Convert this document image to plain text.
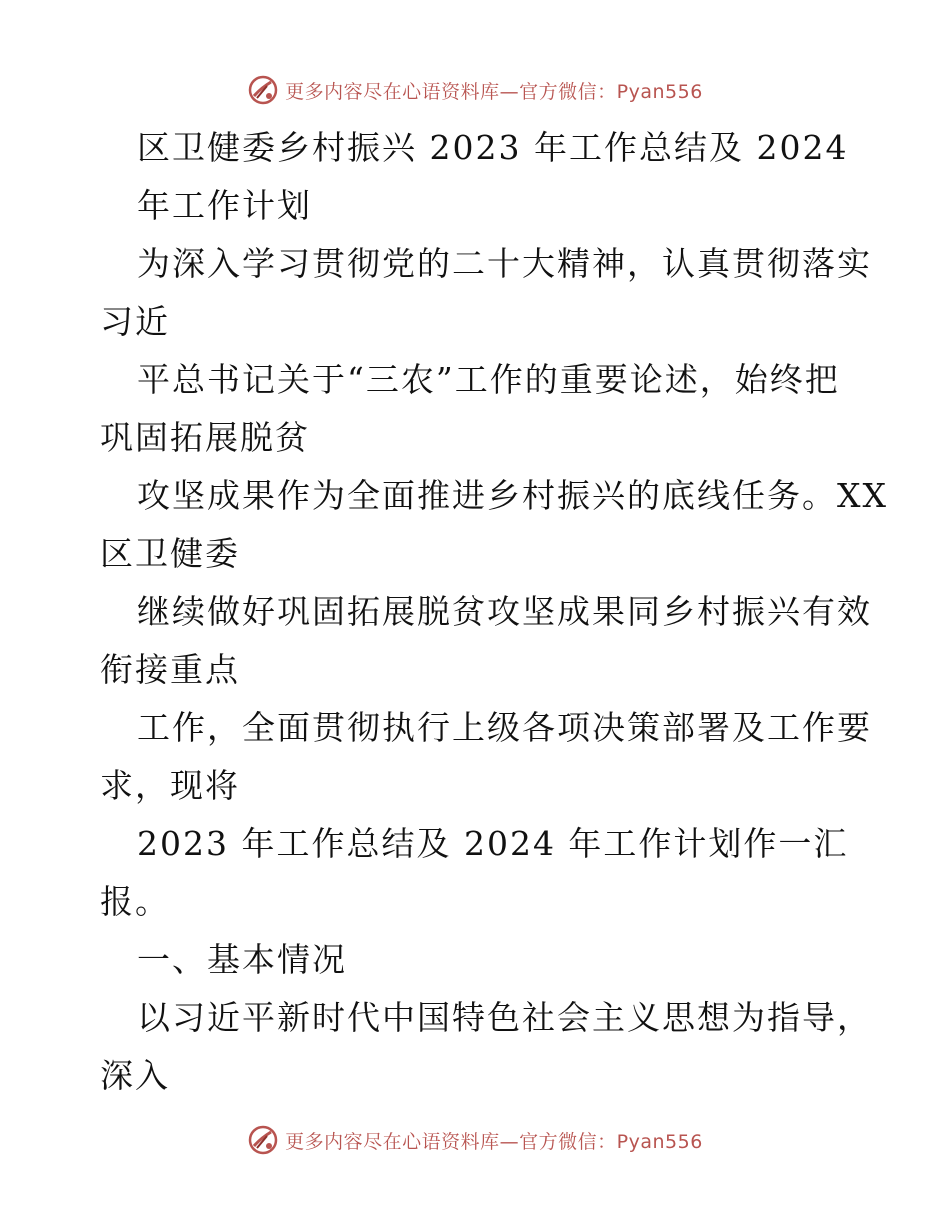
更多内容尽在心语资料库—官方微信：Pyan556
区卫健委乡村振兴 2023 年工作总结及 2024
年工作计划
为深入学习贯彻党的二十大精神，认真贯彻落实
习近
平总书记关于“三农”工作的重要论述，始终把
巩固拓展脱贫
攻坚成果作为全面推进乡村振兴的底线任务。XX
区卫健委
继续做好巩固拓展脱贫攻坚成果同乡村振兴有效
衔接重点
工作，全面贯彻执行上级各项决策部署及工作要
求，现将
2023 年工作总结及 2024 年工作计划作一汇
报。
一、基本情况
以习近平新时代中国特色社会主义思想为指导，
深入
更多内容尽在心语资料库—官方微信：Pyan556
